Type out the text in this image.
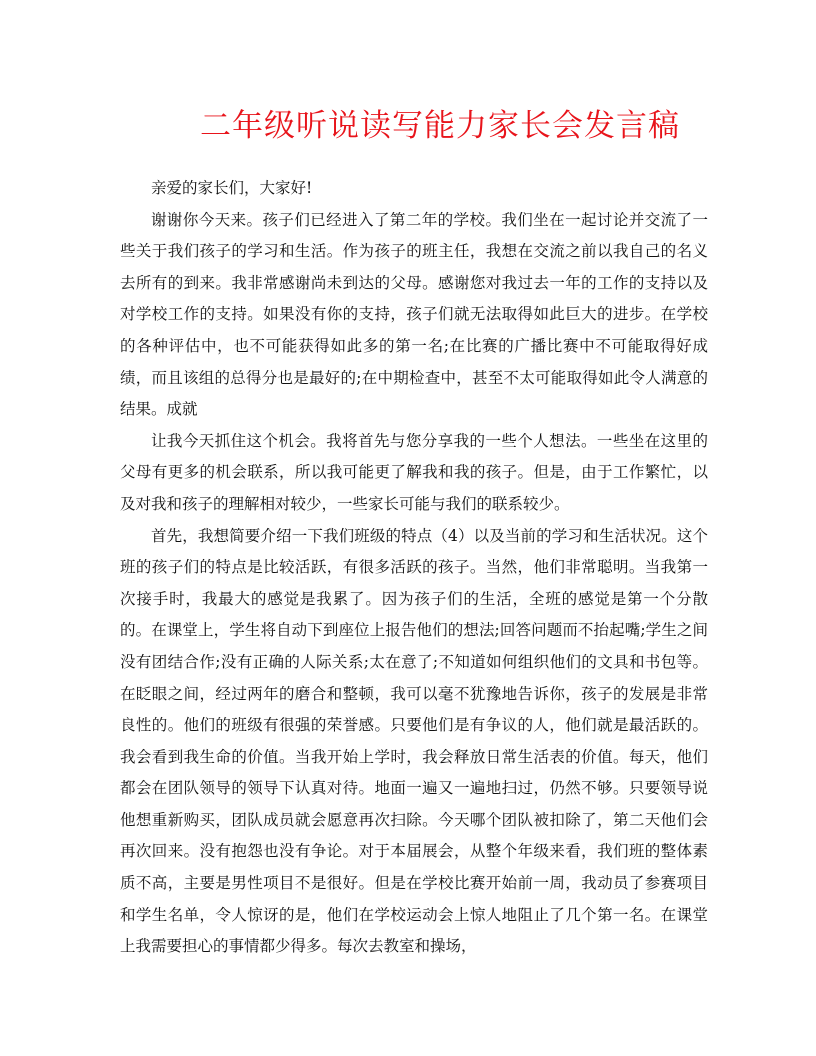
二年级听说读写能力家长会发言稿

亲爱的家长们，大家好!

谢谢你今天来。孩子们已经进入了第二年的学校。我们坐在一起讨论并交流了一些关于我们孩子的学习和生活。作为孩子的班主任，我想在交流之前以我自己的名义去所有的到来。我非常感谢尚未到达的父母。感谢您对我过去一年的工作的支持以及对学校工作的支持。如果没有你的支持，孩子们就无法取得如此巨大的进步。在学校的各种评估中，也不可能获得如此多的第一名;在比赛的广播比赛中不可能取得好成绩，而且该组的总得分也是最好的;在中期检查中，甚至不太可能取得如此令人满意的结果。成就

让我今天抓住这个机会。我将首先与您分享我的一些个人想法。一些坐在这里的父母有更多的机会联系，所以我可能更了解我和我的孩子。但是，由于工作繁忙，以及对我和孩子的理解相对较少，一些家长可能与我们的联系较少。

首先，我想简要介绍一下我们班级的特点（4）以及当前的学习和生活状况。这个班的孩子们的特点是比较活跃，有很多活跃的孩子。当然，他们非常聪明。当我第一次接手时，我最大的感觉是我累了。因为孩子们的生活，全班的感觉是第一个分散的。在课堂上，学生将自动下到座位上报告他们的想法;回答问题而不抬起嘴;学生之间没有团结合作;没有正确的人际关系;太在意了;不知道如何组织他们的文具和书包等。在眨眼之间，经过两年的磨合和整顿，我可以毫不犹豫地告诉你，孩子的发展是非常良性的。他们的班级有很强的荣誉感。只要他们是有争议的人，他们就是最活跃的。我会看到我生命的价值。当我开始上学时，我会释放日常生活表的价值。每天，他们都会在团队领导的领导下认真对待。地面一遍又一遍地扫过，仍然不够。只要领导说他想重新购买，团队成员就会愿意再次扫除。今天哪个团队被扣除了，第二天他们会再次回来。没有抱怨也没有争论。对于本届展会，从整个年级来看，我们班的整体素质不高，主要是男性项目不是很好。但是在学校比赛开始前一周，我动员了参赛项目和学生名单，令人惊讶的是，他们在学校运动会上惊人地阻止了几个第一名。在课堂上我需要担心的事情都少得多。每次去教室和操场，
